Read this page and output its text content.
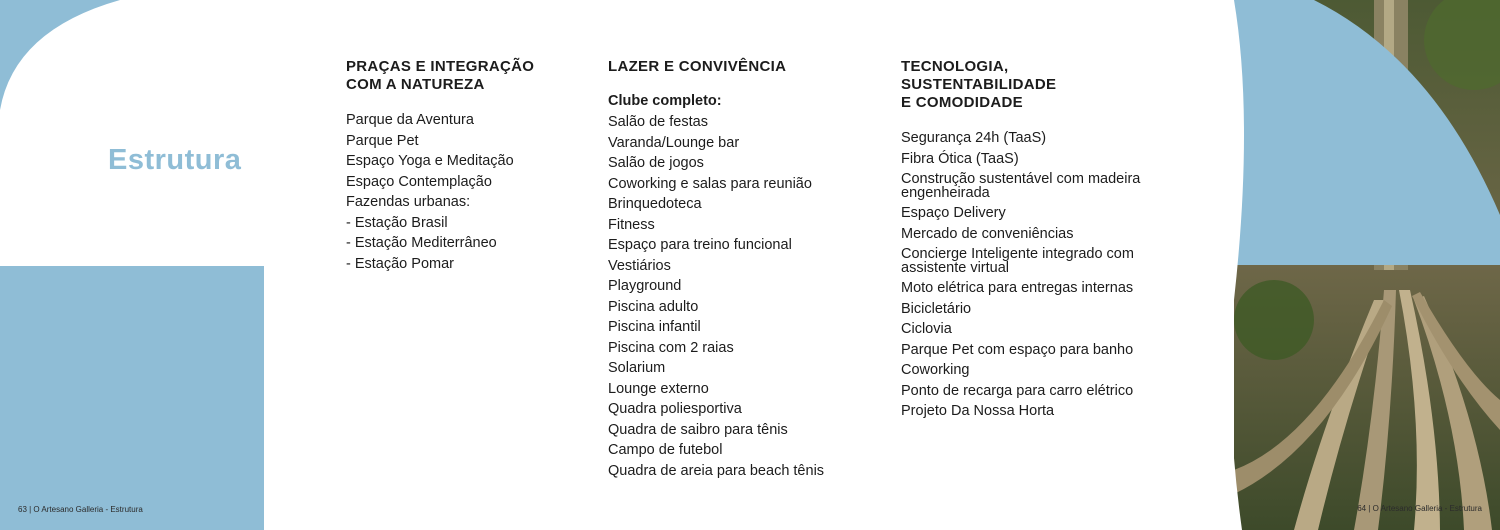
Estrutura
63 | O Artesano Galleria - Estrutura
PRAÇAS E INTEGRAÇÃO
COM A NATUREZA
Parque da Aventura
Parque Pet
Espaço Yoga e Meditação
Espaço Contemplação
Fazendas urbanas:
- Estação Brasil
- Estação Mediterrâneo
- Estação Pomar
LAZER E CONVIVÊNCIA
Clube completo:
Salão de festas
Varanda/Lounge bar
Salão de jogos
Coworking e salas para reunião
Brinquedoteca
Fitness
Espaço para treino funcional
Vestiários
Playground
Piscina adulto
Piscina infantil
Piscina com 2 raias
Solarium
Lounge externo
Quadra poliesportiva
Quadra de saibro para tênis
Campo de futebol
Quadra de areia para beach tênis
TECNOLOGIA,
SUSTENTABILIDADE
E COMODIDADE
Segurança 24h (TaaS)
Fibra Ótica (TaaS)
Construção sustentável com madeira engenheirada
Espaço Delivery
Mercado de conveniências
Concierge Inteligente integrado com assistente virtual
Moto elétrica para entregas internas
Bicicletário
Ciclovia
Parque Pet com espaço para banho
Coworking
Ponto de recarga para carro elétrico
Projeto Da Nossa Horta
64 | O Artesano Galleria - Estrutura
